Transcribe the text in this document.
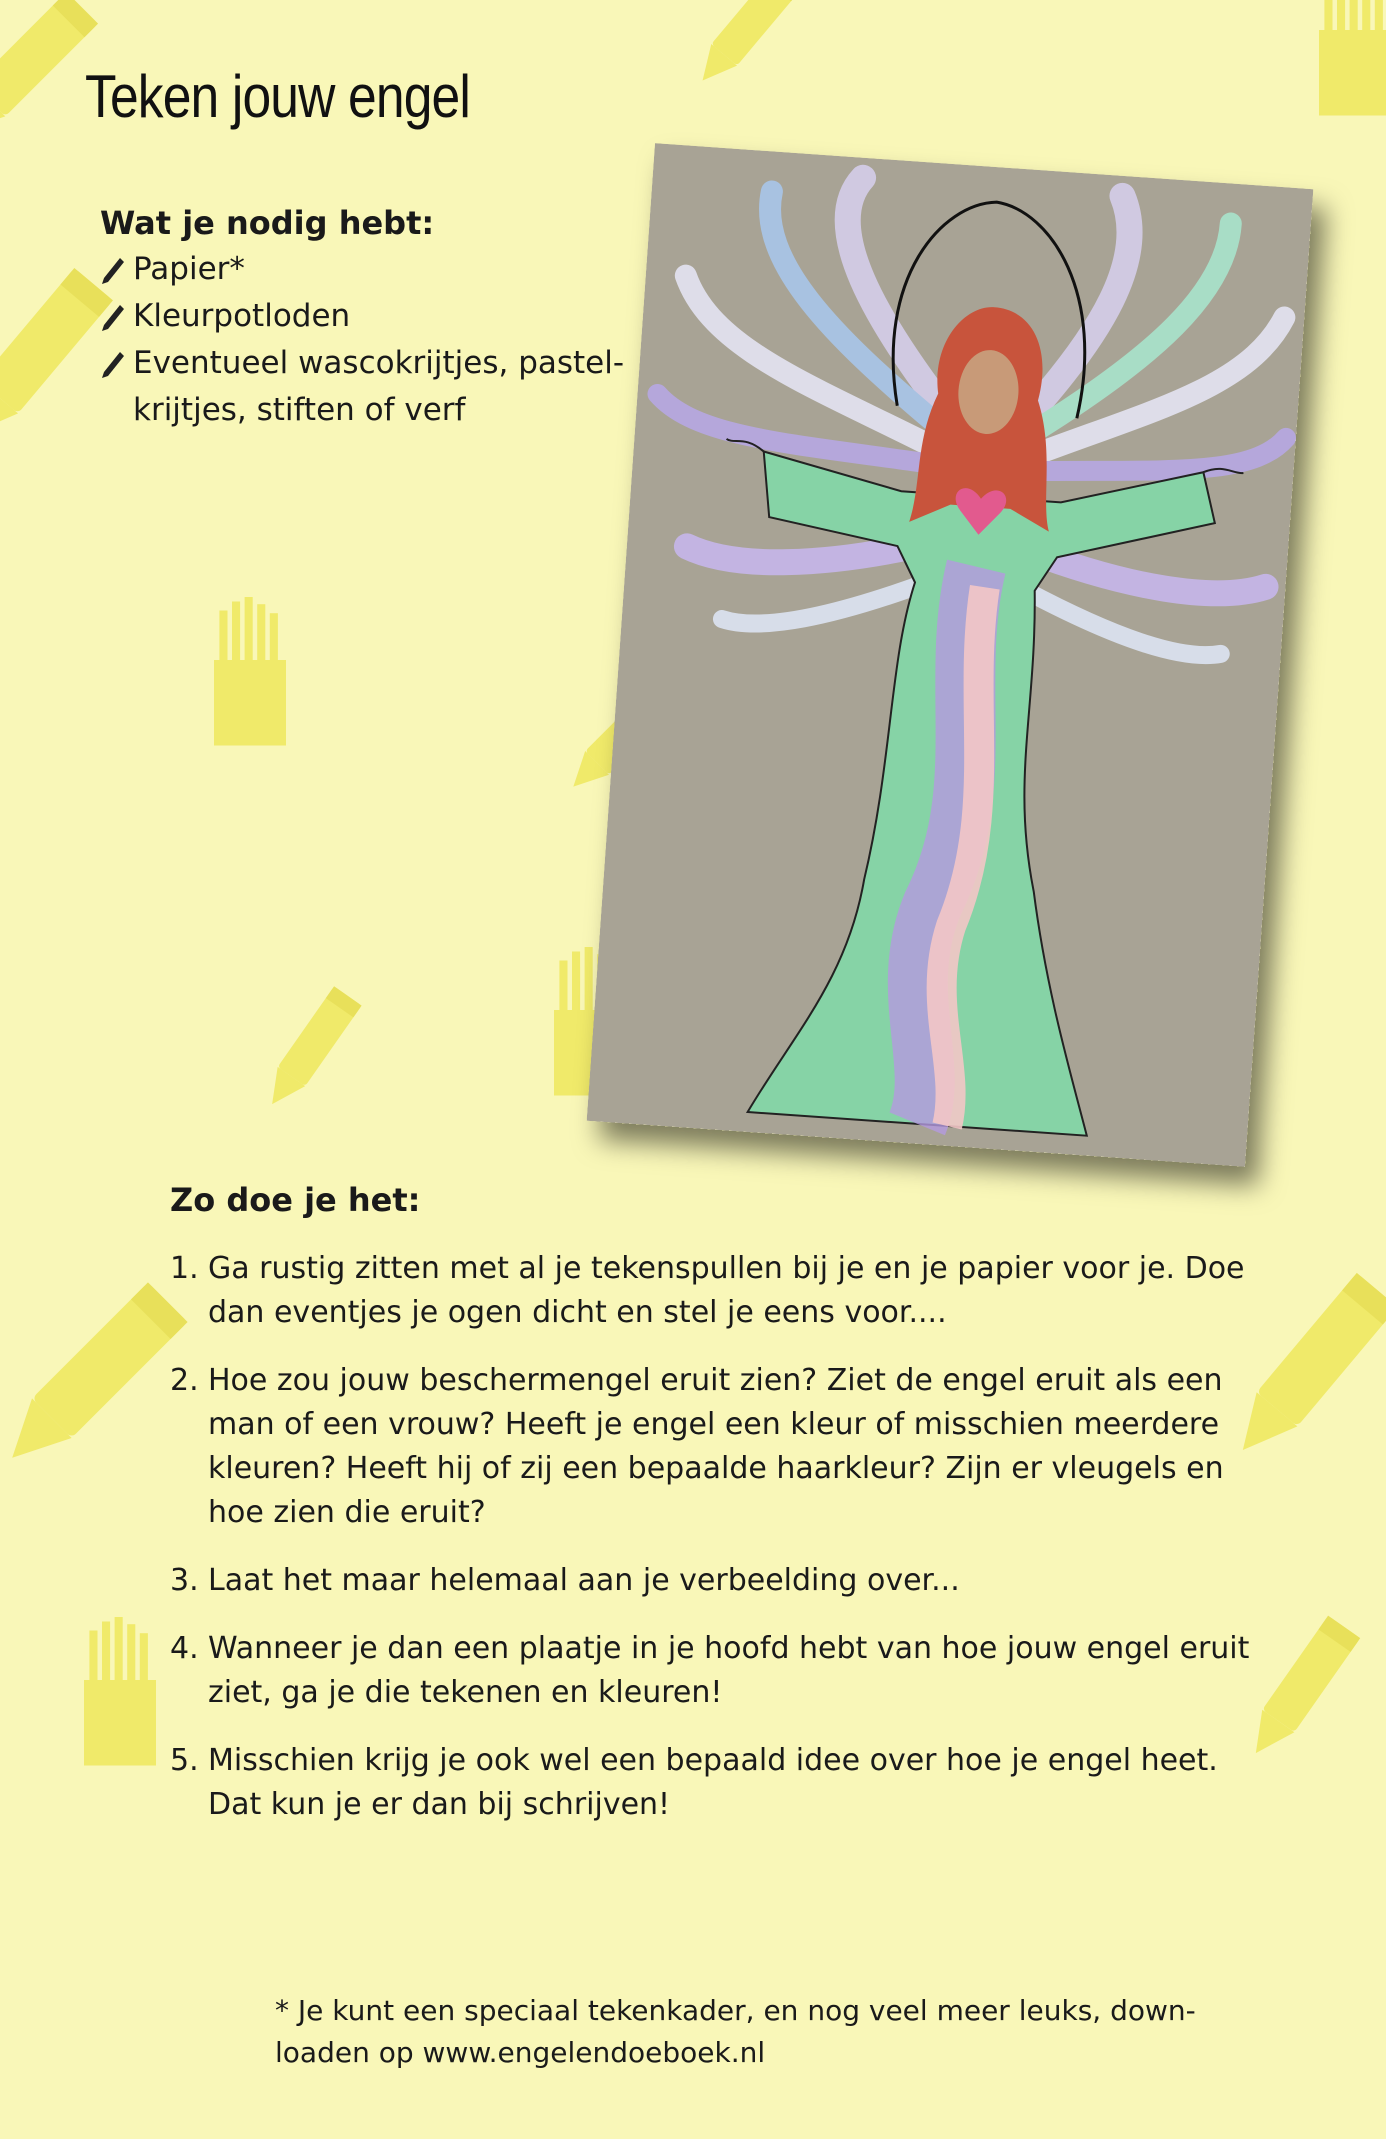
Teken jouw engel
Wat je nodig hebt:
Papier*
Kleurpotloden
Eventueel wascokrijtjes, pastel-krijtjes, stiften of verf
Zo doe je het:
1. Ga rustig zitten met al je tekenspullen bij je en je papier voor je. Doe dan eventjes je ogen dicht en stel je eens voor....
2. Hoe zou jouw beschermengel eruit zien? Ziet de engel eruit als een man of een vrouw? Heeft je engel een kleur of misschien meerdere kleuren? Heeft hij of zij een bepaalde haarkleur? Zijn er vleugels en hoe zien die eruit?
3. Laat het maar helemaal aan je verbeelding over...
4. Wanneer je dan een plaatje in je hoofd hebt van hoe jouw engel eruit ziet, ga je die tekenen en kleuren!
5. Misschien krijg je ook wel een bepaald idee over hoe je engel heet. Dat kun je er dan bij schrijven!
* Je kunt een speciaal tekenkader, en nog veel meer leuks, down-loaden op www.engelendoeboek.nl
